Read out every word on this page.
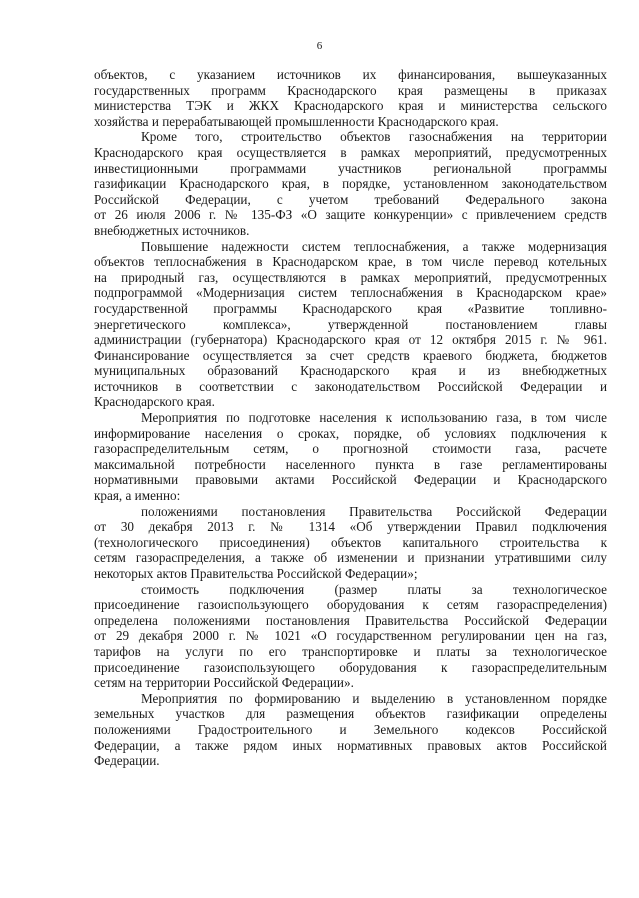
6
объектов, с указанием источников их финансирования, вышеуказанных
государственных программ Краснодарского края размещены в приказах
министерства ТЭК и ЖКХ Краснодарского края и министерства сельского
хозяйства и перерабатывающей промышленности Краснодарского края.
Кроме того, строительство объектов газоснабжения на территории
Краснодарского края осуществляется в рамках мероприятий, предусмотренных
инвестиционными программами участников региональной программы
газификации Краснодарского края, в порядке, установленном законодательством
Российской Федерации, с учетом требований Федерального закона
от 26 июля 2006 г. № 135-ФЗ «О защите конкуренции» с привлечением средств
внебюджетных источников.
Повышение надежности систем теплоснабжения, а также модернизация
объектов теплоснабжения в Краснодарском крае, в том числе перевод котельных
на природный газ, осуществляются в рамках мероприятий, предусмотренных
подпрограммой «Модернизация систем теплоснабжения в Краснодарском крае»
государственной программы Краснодарского края «Развитие топливно-
энергетического комплекса», утвержденной постановлением главы
администрации (губернатора) Краснодарского края от 12 октября 2015 г. № 961.
Финансирование осуществляется за счет средств краевого бюджета, бюджетов
муниципальных образований Краснодарского края и из внебюджетных
источников в соответствии с законодательством Российской Федерации и
Краснодарского края.
Мероприятия по подготовке населения к использованию газа, в том числе
информирование населения о сроках, порядке, об условиях подключения к
газораспределительным сетям, о прогнозной стоимости газа, расчете
максимальной потребности населенного пункта в газе регламентированы
нормативными правовыми актами Российской Федерации и Краснодарского
края, а именно:
положениями постановления Правительства Российской Федерации
от 30 декабря 2013 г. № 1314 «Об утверждении Правил подключения
(технологического присоединения) объектов капитального строительства к
сетям газораспределения, а также об изменении и признании утратившими силу
некоторых актов Правительства Российской Федерации»;
стоимость подключения (размер платы за технологическое
присоединение газоиспользующего оборудования к сетям газораспределения)
определена положениями постановления Правительства Российской Федерации
от 29 декабря 2000 г. № 1021 «О государственном регулировании цен на газ,
тарифов на услуги по его транспортировке и платы за технологическое
присоединение газоиспользующего оборудования к газораспределительным
сетям на территории Российской Федерации».
Мероприятия по формированию и выделению в установленном порядке
земельных участков для размещения объектов газификации определены
положениями Градостроительного и Земельного кодексов Российской
Федерации, а также рядом иных нормативных правовых актов Российской
Федерации.
